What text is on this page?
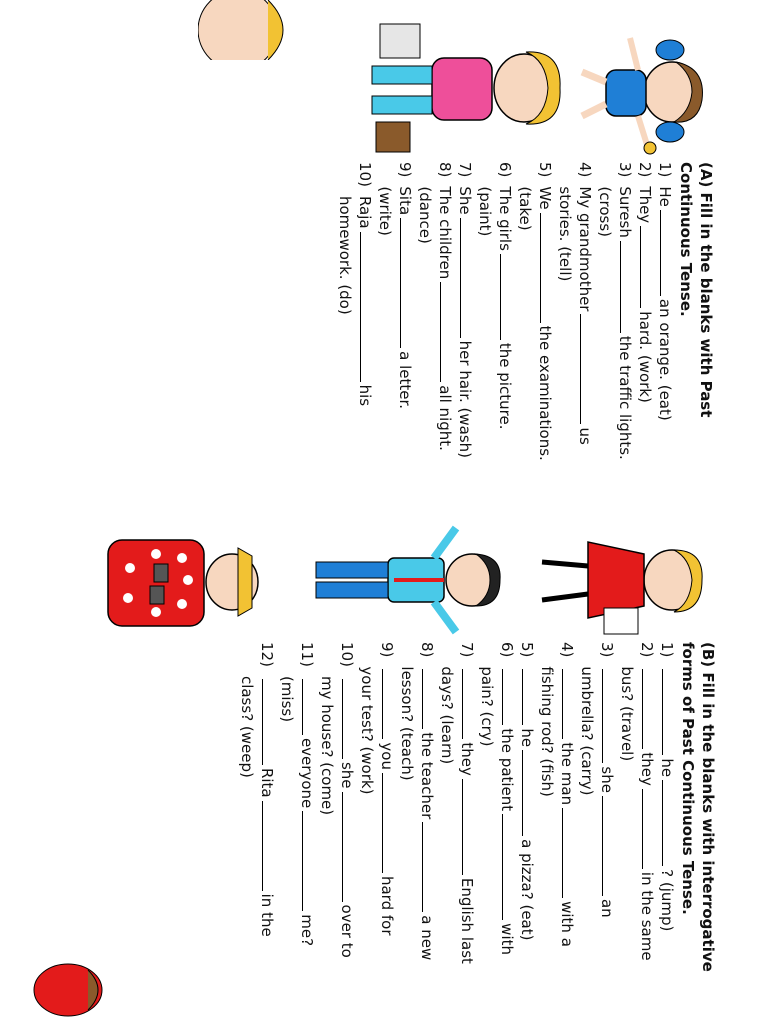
(A) Fill in the blanks with Past Continuous Tense.
1)
Hean orange. (eat)
2)
Theyhard. (work)
3)
Sureshthe traffic lights. (cross)
4)
My grandmotherus stories. (tell)
5)
Wethe examinations. (take)
6)
The girlsthe picture. (paint)
7)
Sheher hair. (wash)
8)
The childrenall night. (dance)
9)
Sitaa letter. (write)
10)
Rajahis homework. (do)
(B) Fill in the blanks with interrogative forms of Past Continuous Tense.
1)
he? (jump)
2)
theyin the same bus? (travel)
3)
shean umbrella? (carry)
4)
the manwith a fishing rod? (fish)
5)
hea pizza? (eat)
6)
the patientwith pain? (cry)
7)
theyEnglish last days? (learn)
8)
the teachera new lesson? (teach)
9)
youhard for your test? (work)
10)
sheover to my house? (come)
11)
everyoneme? (miss)
12)
Ritain the class? (weep)
